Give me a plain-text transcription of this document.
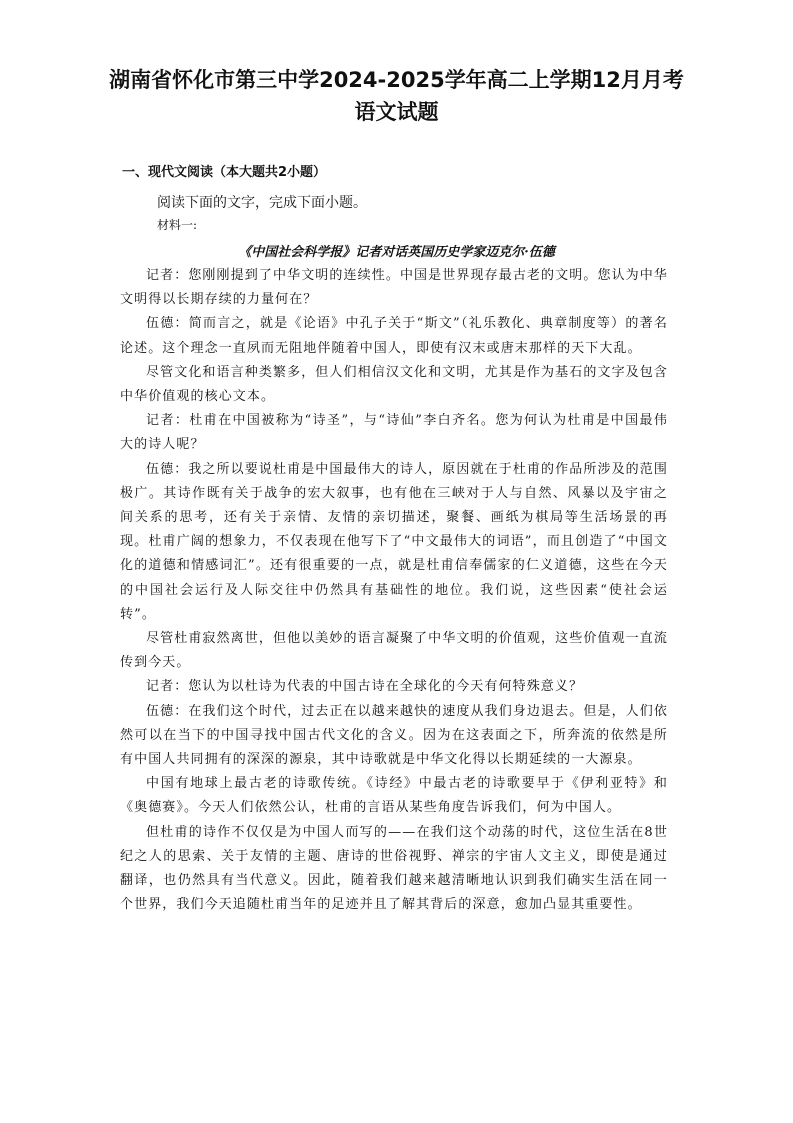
湖南省怀化市第三中学2024-2025学年高二上学期12月月考语文试题
一、现代文阅读（本大题共2小题）
阅读下面的文字，完成下面小题。
材料一:
《中国社会科学报》记者对话英国历史学家迈克尔·伍德

记者：您刚刚提到了中华文明的连续性。中国是世界现存最古老的文明。您认为中华文明得以长期存续的力量何在？

伍德：简而言之，就是《论语》中孔子关于“斯文”（礼乐教化、典章制度等）的著名论述。这个理念一直夙而无阻地伴随着中国人，即使有汉末或唐末那样的天下大乱。

尽管文化和语言种类繁多，但人们相信汉文化和文明，尤其是作为基石的文字及包含中华价值观的核心文本。

记者：杜甫在中国被称为“诗圣”，与“诗仙”李白齐名。您为何认为杜甫是中国最伟大的诗人呢？

伍德：我之所以要说杜甫是中国最伟大的诗人，原因就在于杜甫的作品所涉及的范围极广。其诗作既有关于战争的宏大叙事，也有他在三峡对于人与自然、风暴以及宇宙之间关系的思考，还有关于亲情、友情的亲切描述，聚餐、画纸为棋局等生活场景的再现。杜甫广阔的想象力，不仅表现在他写下了“中文最伟大的词语”，而且创造了“中国文化的道德和情感词汇”。还有很重要的一点，就是杜甫信奉儒家的仁义道德，这些在今天的中国社会运行及人际交往中仍然具有基础性的地位。我们说，这些因素“使社会运转”。

尽管杜甫寂然离世，但他以美妙的语言凝聚了中华文明的价值观，这些价值观一直流传到今天。

记者：您认为以杜诗为代表的中国古诗在全球化的今天有何特殊意义？

伍德：在我们这个时代，过去正在以越来越快的速度从我们身边退去。但是，人们依然可以在当下的中国寻找中国古代文化的含义。因为在这表面之下，所奔流的依然是所有中国人共同拥有的深深的源泉，其中诗歌就是中华文化得以长期延续的一大源泉。

中国有地球上最古老的诗歌传统。《诗经》中最古老的诗歌要早于《伊利亚特》和《奥德赛》。今天人们依然公认，杜甫的言语从某些角度告诉我们，何为中国人。

但杜甫的诗作不仅仅是为中国人而写的——在我们这个动荡的时代，这位生活在8世纪之人的思索、关于友情的主题、唐诗的世俗视野、禅宗的宇宙人文主义，即使是通过翻译，也仍然具有当代意义。因此，随着我们越来越清晰地认识到我们确实生活在同一个世界，我们今天追随杜甫当年的足迹并且了解其背后的深意，愈加凸显其重要性。
